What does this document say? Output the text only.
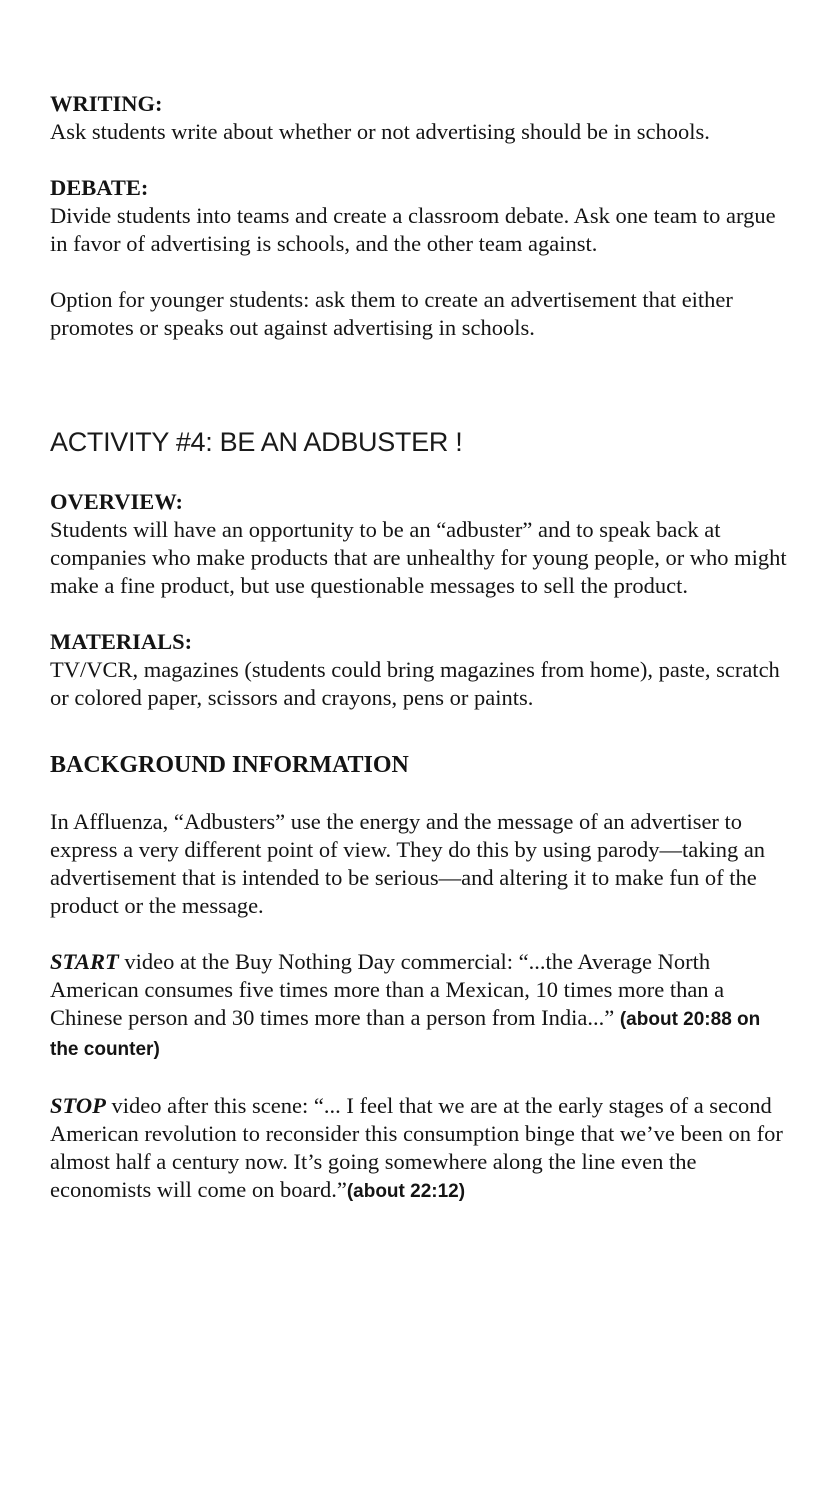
WRITING:

Ask students write about whether or not advertising should be in schools.

DEBATE:

Divide students into teams and create a classroom debate. Ask one team to argue in favor of advertising is schools, and the other team against.

Option for younger students: ask them to create an advertisement that either promotes or speaks out against advertising in schools.

ACTIVITY #4: BE AN ADBUSTER !
OVERVIEW:

Students will have an opportunity to be an “adbuster” and to speak back at companies who make products that are unhealthy for young people, or who might make a fine product, but use questionable messages to sell the product.

MATERIALS:

TV/VCR, magazines (students could bring magazines from home), paste, scratch or colored paper, scissors and crayons, pens or paints.

BACKGROUND INFORMATION

In Affluenza, “Adbusters” use the energy and the message of an advertiser to express a very different point of view. They do this by using parody—taking an advertisement that is intended to be serious—and altering it to make fun of the product or the message.

START video at the Buy Nothing Day commercial: “...the Average North American consumes five times more than a Mexican, 10 times more than a Chinese person and 30 times more than a person from India...” (about 20:88 on the counter)

STOP video after this scene: “... I feel that we are at the early stages of a second American revolution to reconsider this consumption binge that we’ve been on for almost half a century now. It’s going somewhere along the line even the economists will come on board.”(about 22:12)
